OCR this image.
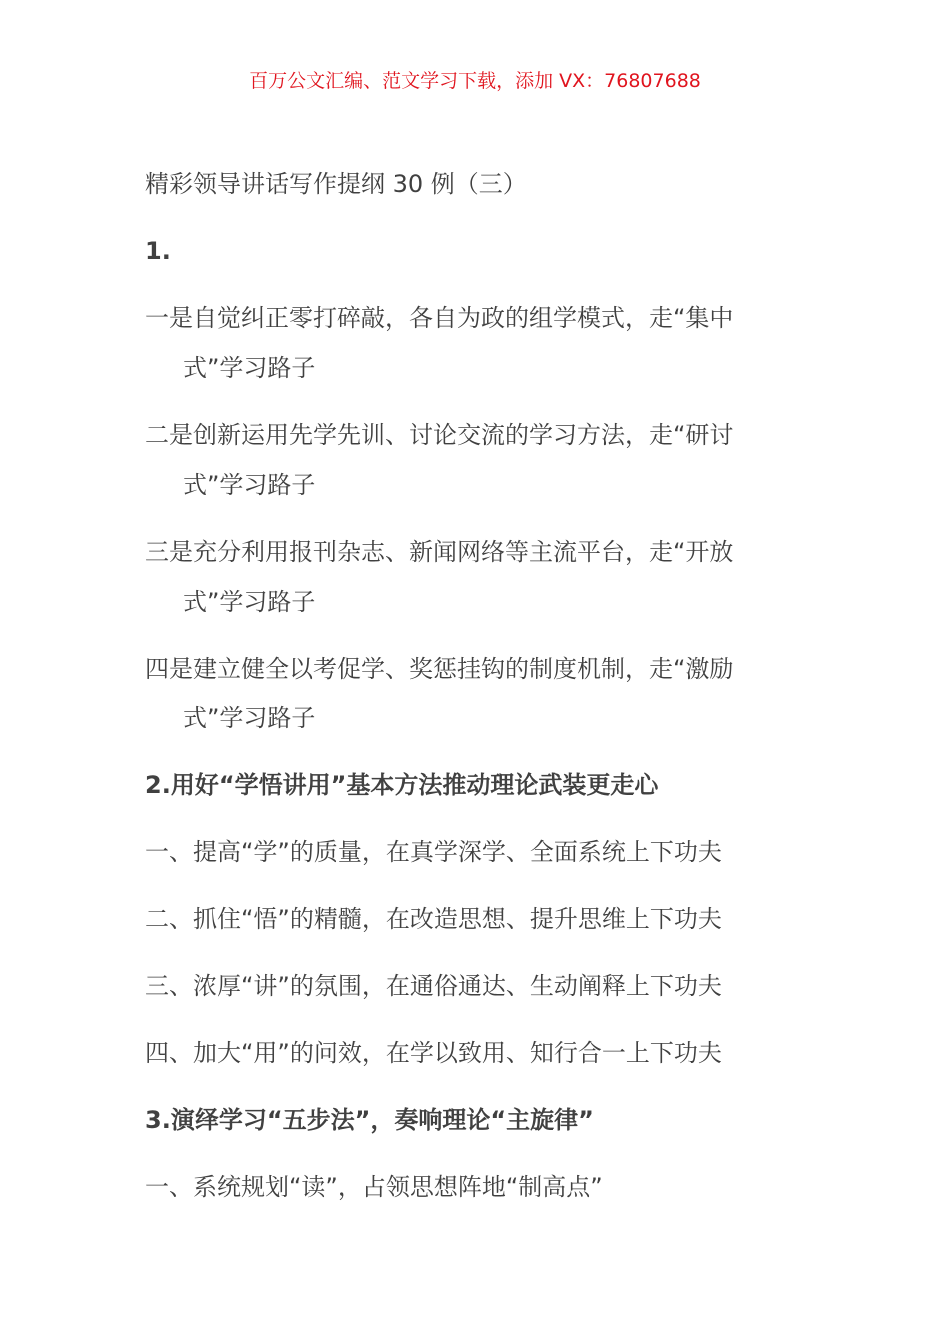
百万公文汇编、范文学习下载，添加 VX：76807688
精彩领导讲话写作提纲 30 例（三）
1.
一是自觉纠正零打碎敲，各自为政的组学模式，走“集中
式”学习路子
二是创新运用先学先训、讨论交流的学习方法，走“研讨
式”学习路子
三是充分利用报刊杂志、新闻网络等主流平台，走“开放
式”学习路子
四是建立健全以考促学、奖惩挂钩的制度机制，走“激励
式”学习路子
2.用好“学悟讲用”基本方法推动理论武装更走心
一、提高“学”的质量，在真学深学、全面系统上下功夫
二、抓住“悟”的精髓，在改造思想、提升思维上下功夫
三、浓厚“讲”的氛围，在通俗通达、生动阐释上下功夫
四、加大“用”的问效，在学以致用、知行合一上下功夫
3.演绎学习“五步法”，奏响理论“主旋律”
一、系统规划“读”，占领思想阵地“制高点”
